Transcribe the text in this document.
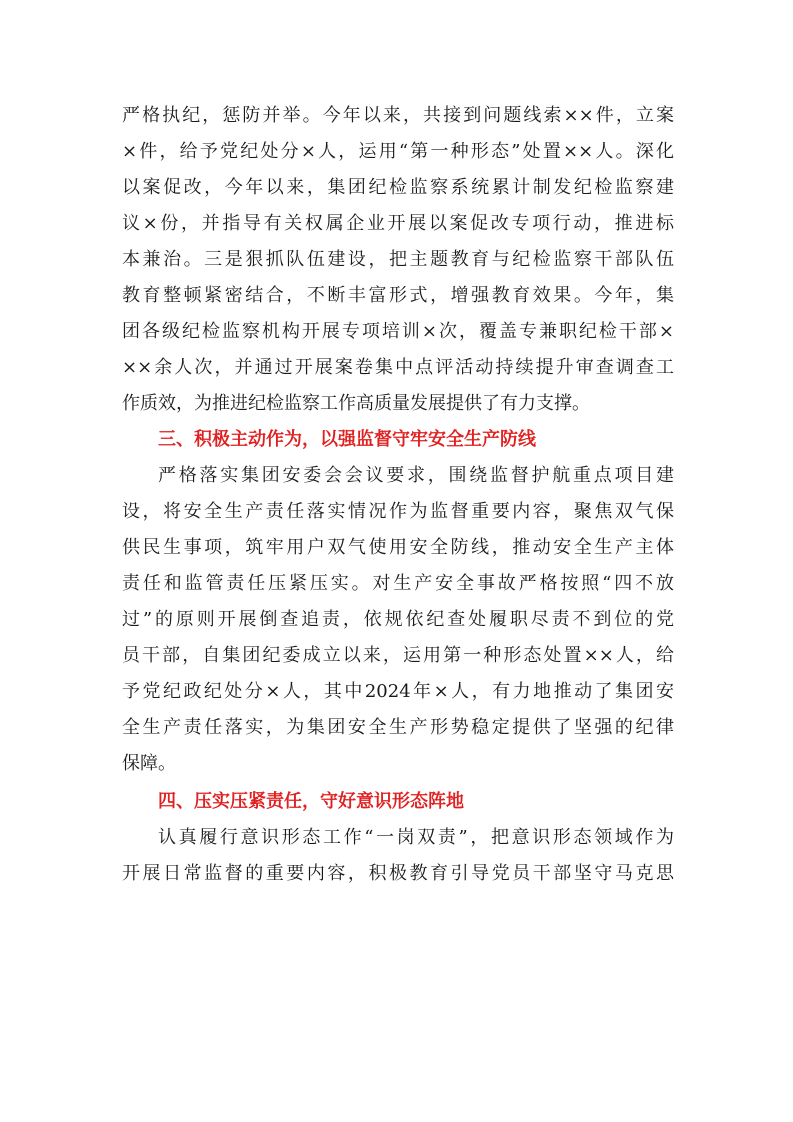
严格执纪，惩防并举。今年以来，共接到问题线索××件，立案
×件，给予党纪处分×人，运用“第一种形态”处置××人。深化
以案促改，今年以来，集团纪检监察系统累计制发纪检监察建
议×份，并指导有关权属企业开展以案促改专项行动，推进标
本兼治。三是狠抓队伍建设，把主题教育与纪检监察干部队伍
教育整顿紧密结合，不断丰富形式，增强教育效果。今年，集
团各级纪检监察机构开展专项培训×次，覆盖专兼职纪检干部×
××余人次，并通过开展案卷集中点评活动持续提升审查调查工
作质效，为推进纪检监察工作高质量发展提供了有力支撑。
三、积极主动作为，以强监督守牢安全生产防线
严格落实集团安委会会议要求，围绕监督护航重点项目建
设，将安全生产责任落实情况作为监督重要内容，聚焦双气保
供民生事项，筑牢用户双气使用安全防线，推动安全生产主体
责任和监管责任压紧压实。对生产安全事故严格按照“四不放
过”的原则开展倒查追责，依规依纪查处履职尽责不到位的党
员干部，自集团纪委成立以来，运用第一种形态处置××人，给
予党纪政纪处分×人，其中2024年×人，有力地推动了集团安
全生产责任落实，为集团安全生产形势稳定提供了坚强的纪律
保障。
四、压实压紧责任，守好意识形态阵地
认真履行意识形态工作“一岗双责”，把意识形态领域作为
开展日常监督的重要内容，积极教育引导党员干部坚守马克思
